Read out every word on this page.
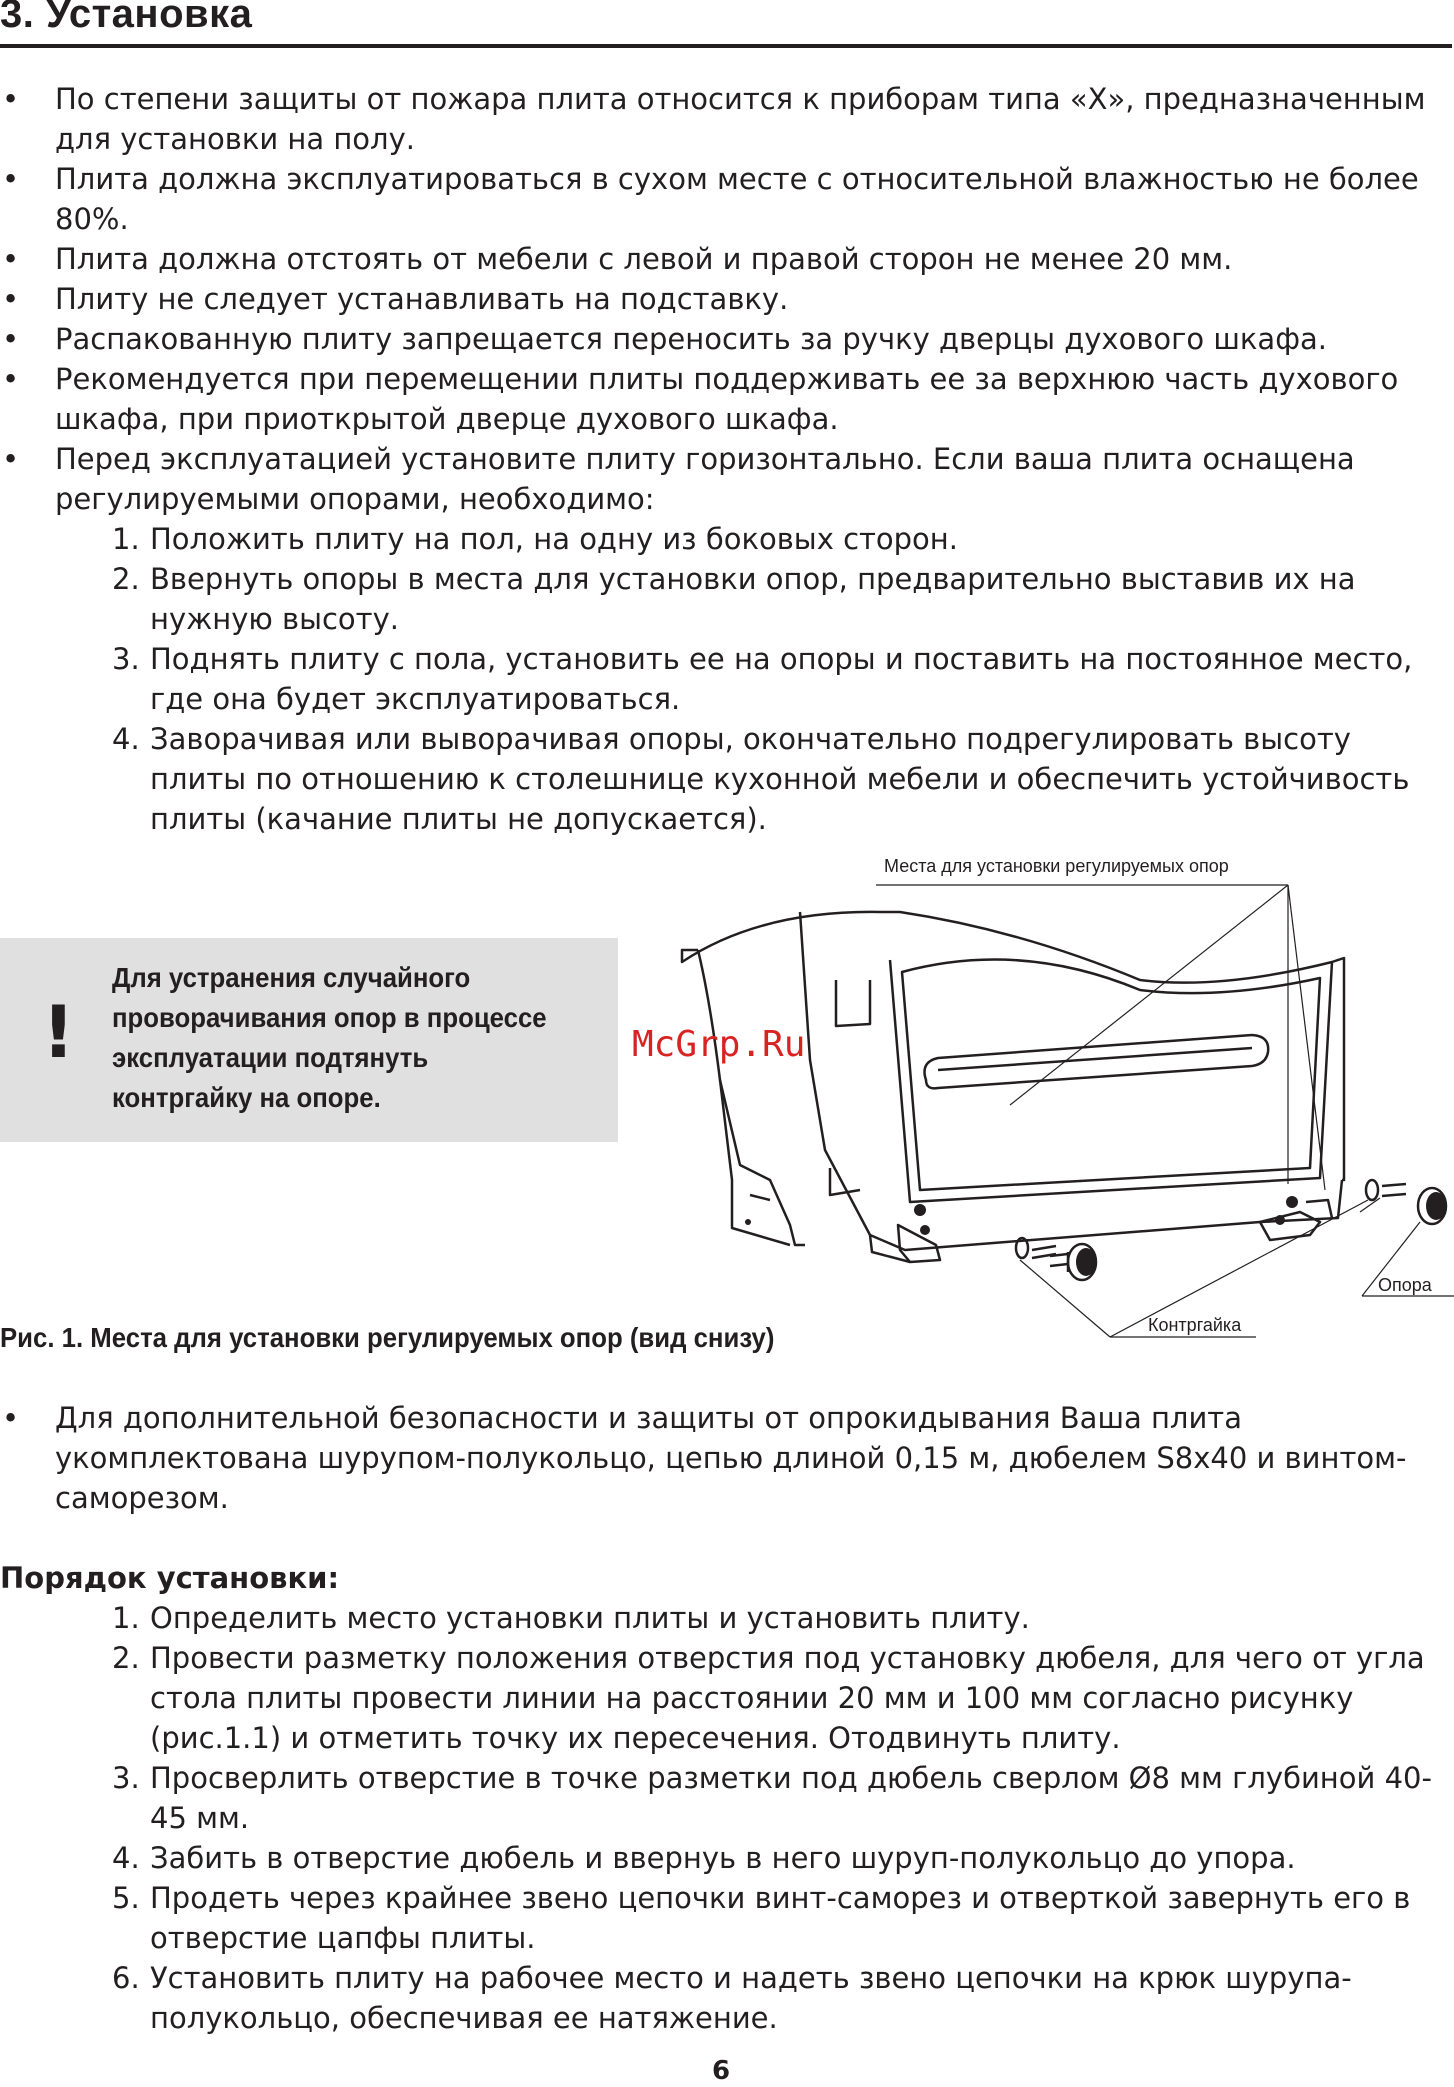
3. Установка
• По степени защиты от пожара плита относится к приборам типа «Х», предназначенным для установки на полу.
• Плита должна эксплуатироваться в сухом месте с относительной влажностью не более 80%.
• Плита должна отстоять от мебели с левой и правой сторон не менее 20 мм.
• Плиту не следует устанавливать на подставку.
• Распакованную плиту запрещается переносить за ручку дверцы духового шкафа.
• Рекомендуется при перемещении плиты поддерживать ее за верхнюю часть духового шкафа, при приоткрытой дверце духового шкафа.
• Перед эксплуатацией установите плиту горизонтально. Если ваша плита оснащена регулируемыми опорами, необходимо:
1. Положить плиту на пол, на одну из боковых сторон.
2. Ввернуть опоры в места для установки опор, предварительно выставив их на нужную высоту.
3. Поднять плиту с пола, установить ее на опоры и поставить на постоянное место, где она будет эксплуатироваться.
4. Заворачивая или выворачивая опоры, окончательно подрегулировать высоту плиты по отношению к столешнице кухонной мебели и обеспечить устойчивость плиты (качание плиты не допускается).
!
Для устранения случайного проворачивания опор в процессе эксплуатации подтянуть контргайку на опоре.
Места для установки регулируемых опор
Опора
Контргайка
McGrp.Ru
Рис. 1. Места для установки регулируемых опор (вид снизу)
• Для дополнительной безопасности и защиты от опрокидывания Ваша плита укомплектована шурупом-полукольцо, цепью длиной 0,15 м, дюбелем S8х40 и винтом-саморезом.
Порядок установки:
1. Определить место установки плиты и установить плиту.
2. Провести разметку положения отверстия под установку дюбеля, для чего от угла стола плиты провести линии на расстоянии 20 мм и 100 мм согласно рисунку (рис.1.1) и отметить точку их пересечения. Отодвинуть плиту.
3. Просверлить отверстие в точке разметки под дюбель сверлом Ø8 мм глубиной 40-45 мм.
4. Забить в отверстие дюбель и ввернуь в него шуруп-полукольцо до упора.
5. Продеть через крайнее звено цепочки винт-саморез и отверткой завернуть его в отверстие цапфы плиты.
6. Установить плиту на рабочее место и надеть звено цепочки на крюк шурупа-полукольцо, обеспечивая ее натяжение.
6
